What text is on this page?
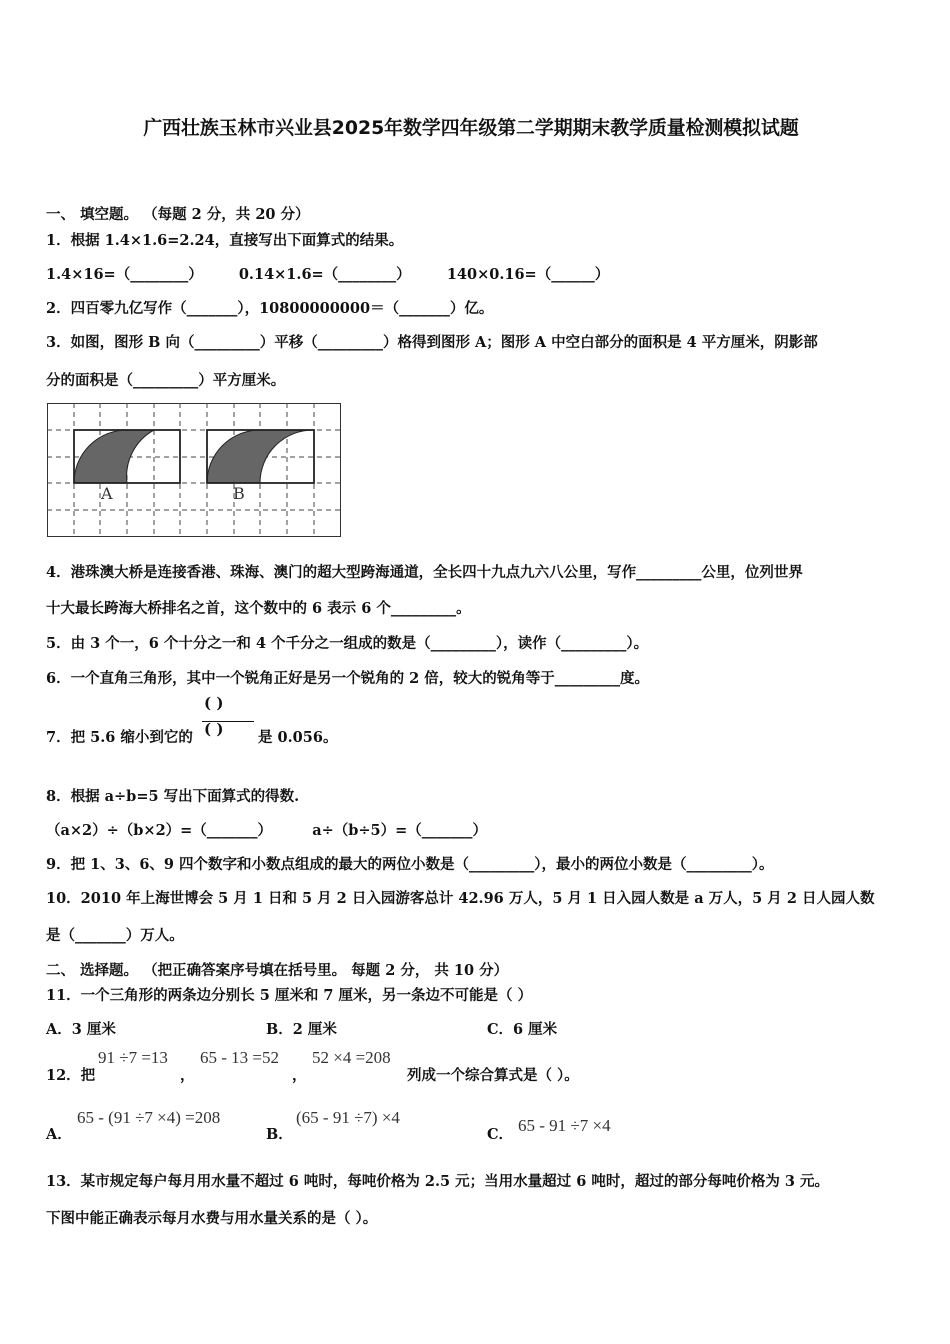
广西壮族玉林市兴业县2025年数学四年级第二学期期末教学质量检测模拟试题
一、 填空题。 （每题 2 分，共 20 分）
1．根据 1.4×1.6=2.24，直接写出下面算式的结果。
1.4×16=（________） 0.14×1.6=（________） 140×0.16=（______）
2．四百零九亿写作（_______），10800000000＝（_______）亿。
3．如图，图形 B 向（_________）平移（_________）格得到图形 A；图形 A 中空白部分的面积是 4 平方厘米，阴影部
分的面积是（_________）平方厘米。
A	B
4．港珠澳大桥是连接香港、珠海、澳门的超大型跨海通道，全长四十九点九六八公里，写作_________公里，位列世界
十大最长跨海大桥排名之首，这个数中的 6 表示 6 个_________。
5．由 3 个一，6 个十分之一和 4 个千分之一组成的数是（_________），读作（_________）。
6．一个直角三角形，其中一个锐角正好是另一个锐角的 2 倍，较大的锐角等于_________度。
7．把 5.6 缩小到它的
( )
( ) 是 0.056。
8．根据 a÷b=5 写出下面算式的得数.
（a×2）÷（b×2）=（_______）	a÷（b÷5）=（_______）
9．把 1、3、6、9 四个数字和小数点组成的最大的两位小数是（_________），最小的两位小数是（_________）。
10．2010 年上海世博会 5 月 1 日和 5 月 2 日入园游客总计 42.96 万人，5 月 1 日入园人数是 a 万人，5 月 2 日人园人数
是（_______）万人。
二、 选择题。 （把正确答案序号填在括号里。 每题 2 分， 共 10 分）
11．一个三角形的两条边分别长 5 厘米和 7 厘米，另一条边不可能是（ ）
A．3 厘米	B．2 厘米	C．6 厘米
12．把
91 ÷7 =13
，
65 - 13 =52
，
52 ×4 =208
列成一个综合算式是（ ）。
A．
65 - (91 ÷7 ×4) =208
B．
(65 - 91 ÷7) ×4
C． 65 - 91 ÷7 ×4
13．某市规定每户每月用水量不超过 6 吨时，每吨价格为 2.5 元；当用水量超过 6 吨时，超过的部分每吨价格为 3 元。
下图中能正确表示每月水费与用水量关系的是（ ）。
